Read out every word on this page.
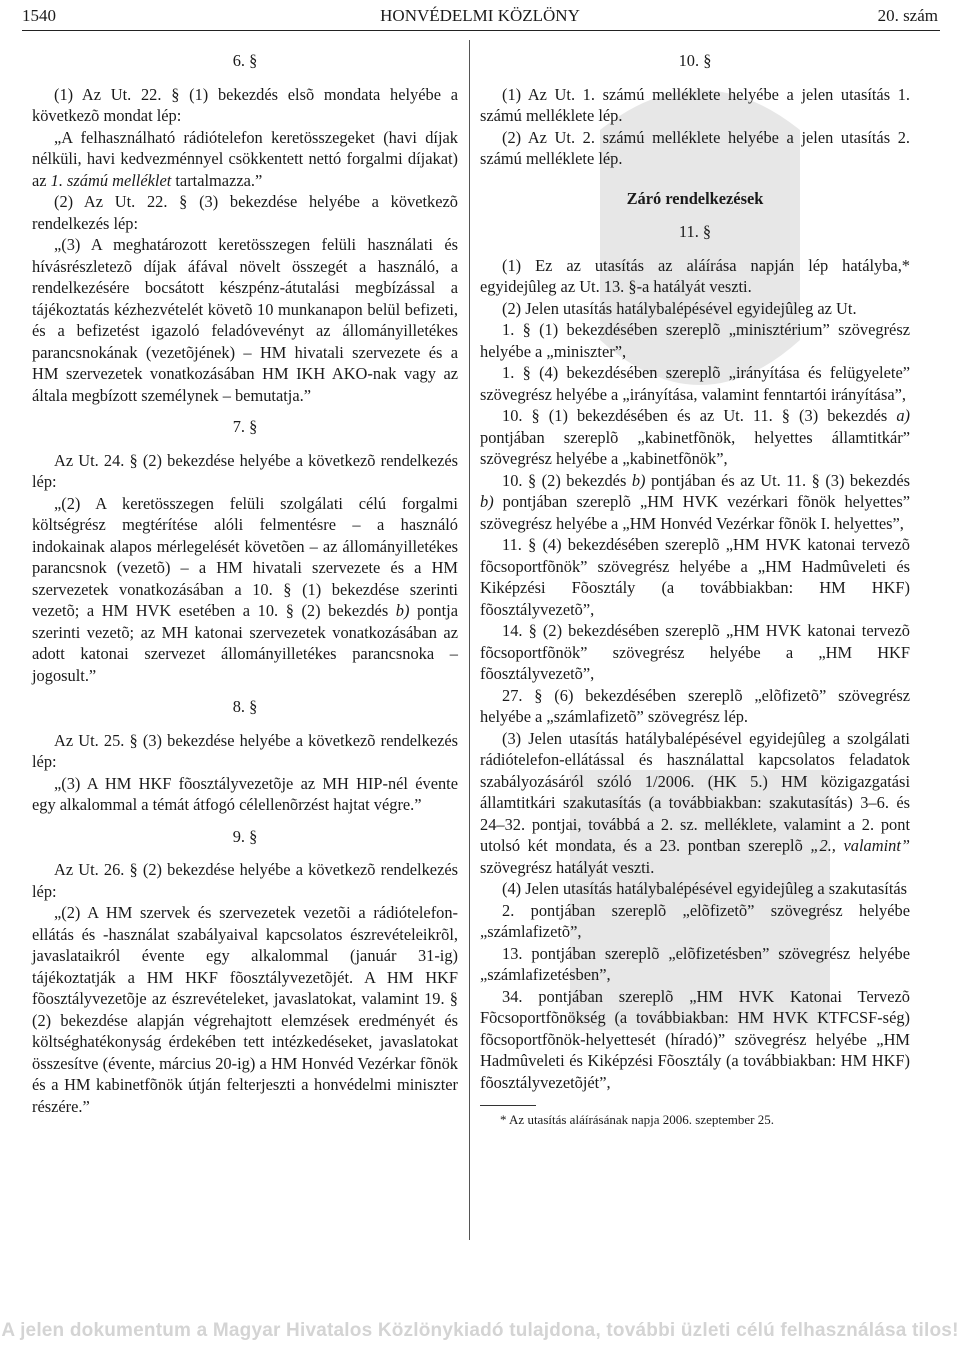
1540	HONVÉDELMI KÖZLÖNY	20. szám

6. §

(1) Az Ut. 22. § (1) bekezdés elsõ mondata helyébe a következõ mondat lép:

„A felhasználható rádiótelefon keretösszegeket (havi díjak nélküli, havi kedvezménnyel csökkentett nettó forgalmi díjakat) az 1. számú melléklet tartalmazza.”

(2) Az Ut. 22. § (3) bekezdése helyébe a következõ rendelkezés lép:

„(3) A meghatározott keretösszegen felüli használati és hívásrészletezõ díjak áfával növelt összegét a használó, a rendelkezésére bocsátott készpénz-átutalási megbízással a tájékoztatás kézhezvételét követõ 10 munkanapon belül befizeti, és a befizetést igazoló feladóvevényt az állományilletékes parancsnokának (vezetõjének) – HM hivatali szervezete és a HM szervezetek vonatkozásában HM IKH AKO-nak vagy az általa megbízott személynek – bemutatja.”

7. §

Az Ut. 24. § (2) bekezdése helyébe a következõ rendelkezés lép:

„(2) A keretösszegen felüli szolgálati célú forgalmi költségrész megtérítése alóli felmentésre – a használó indokainak alapos mérlegelését követõen – az állományilletékes parancsnok (vezetõ) – a HM hivatali szervezete és a HM szervezetek vonatkozásában a 10. § (1) bekezdése szerinti vezetõ; a HM HVK esetében a 10. § (2) bekezdés b) pontja szerinti vezetõ; az MH katonai szervezetek vonatkozásában az adott katonai szervezet állományilletékes parancsnoka – jogosult.”

8. §

Az Ut. 25. § (3) bekezdése helyébe a következõ rendelkezés lép:

„(3) A HM HKF fõosztályvezetõje az MH HIP-nél évente egy alkalommal a témát átfogó célellenõrzést hajtat végre.”

9. §

Az Ut. 26. § (2) bekezdése helyébe a következõ rendelkezés lép:

„(2) A HM szervek és szervezetek vezetõi a rádiótelefon-ellátás és -használat szabályaival kapcsolatos észrevételeikrõl, javaslataikról évente egy alkalommal (január 31-ig) tájékoztatják a HM HKF fõosztályvezetõjét. A HM HKF fõosztályvezetõje az észrevételeket, javaslatokat, valamint 19. § (2) bekezdése alapján végrehajtott elemzések eredményét és költséghatékonyság érdekében tett intézkedéseket, javaslatokat összesítve (évente, március 20-ig) a HM Honvéd Vezérkar fõnök és a HM kabinetfõnök útján felterjeszti a honvédelmi miniszter részére.”

10. §

(1) Az Ut. 1. számú melléklete helyébe a jelen utasítás 1. számú melléklete lép.

(2) Az Ut. 2. számú melléklete helyébe a jelen utasítás 2. számú melléklete lép.

Záró rendelkezések

11. §

(1) Ez az utasítás az aláírása napján lép hatályba,* egyidejûleg az Ut. 13. §-a hatályát veszti.

(2) Jelen utasítás hatálybalépésével egyidejûleg az Ut.

1. § (1) bekezdésében szereplõ „minisztérium” szövegrész helyébe a „miniszter”,

1. § (4) bekezdésében szereplõ „irányítása és felügyelete” szövegrész helyébe a „irányítása, valamint fenntartói irányítása”,

10. § (1) bekezdésében és az Ut. 11. § (3) bekezdés a) pontjában szereplõ „kabinetfõnök, helyettes államtitkár” szövegrész helyébe a „kabinetfõnök”,

10. § (2) bekezdés b) pontjában és az Ut. 11. § (3) bekezdés b) pontjában szereplõ „HM HVK vezérkari fõnök helyettes” szövegrész helyébe a „HM Honvéd Vezérkar fõnök I. helyettes”,

11. § (4) bekezdésében szereplõ „HM HVK katonai tervezõ fõcsoportfõnök” szövegrész helyébe a „HM Hadmûveleti és Kiképzési Fõosztály (a továbbiakban: HM HKF) fõosztályvezetõ”,

14. § (2) bekezdésében szereplõ „HM HVK katonai tervezõ fõcsoportfõnök” szövegrész helyébe a „HM HKF fõosztályvezetõ”,

27. § (6) bekezdésében szereplõ „elõfizetõ” szövegrész helyébe a „számlafizetõ” szövegrész lép.

(3) Jelen utasítás hatálybalépésével egyidejûleg a szolgálati rádiótelefon-ellátással és használattal kapcsolatos feladatok szabályozásáról szóló 1/2006. (HK 5.) HM közigazgatási államtitkári szakutasítás (a továbbiakban: szakutasítás) 3–6. és 24–32. pontjai, továbbá a 2. sz. melléklete, valamint a 2. pont utolsó két mondata, és a 23. pontban szereplõ „2., valamint” szövegrész hatályát veszti.

(4) Jelen utasítás hatálybalépésével egyidejûleg a szakutasítás

2. pontjában szereplõ „elõfizetõ” szövegrész helyébe „számlafizetõ”,

13. pontjában szereplõ „elõfizetésben” szövegrész helyébe „számlafizetésben”,

34. pontjában szereplõ „HM HVK Katonai Tervezõ Fõcsoportfõnökség (a továbbiakban: HM HVK KTFCSF-ség) fõcsoportfõnök-helyettesét (híradó)” szövegrész helyébe „HM Hadmûveleti és Kiképzési Fõosztály (a továbbiakban: HM HKF) fõosztályvezetõjét”,

* Az utasítás aláírásának napja 2006. szeptember 25.

A jelen dokumentum a Magyar Hivatalos Közlönykiadó tulajdona, további üzleti célú felhasználása tilos!
